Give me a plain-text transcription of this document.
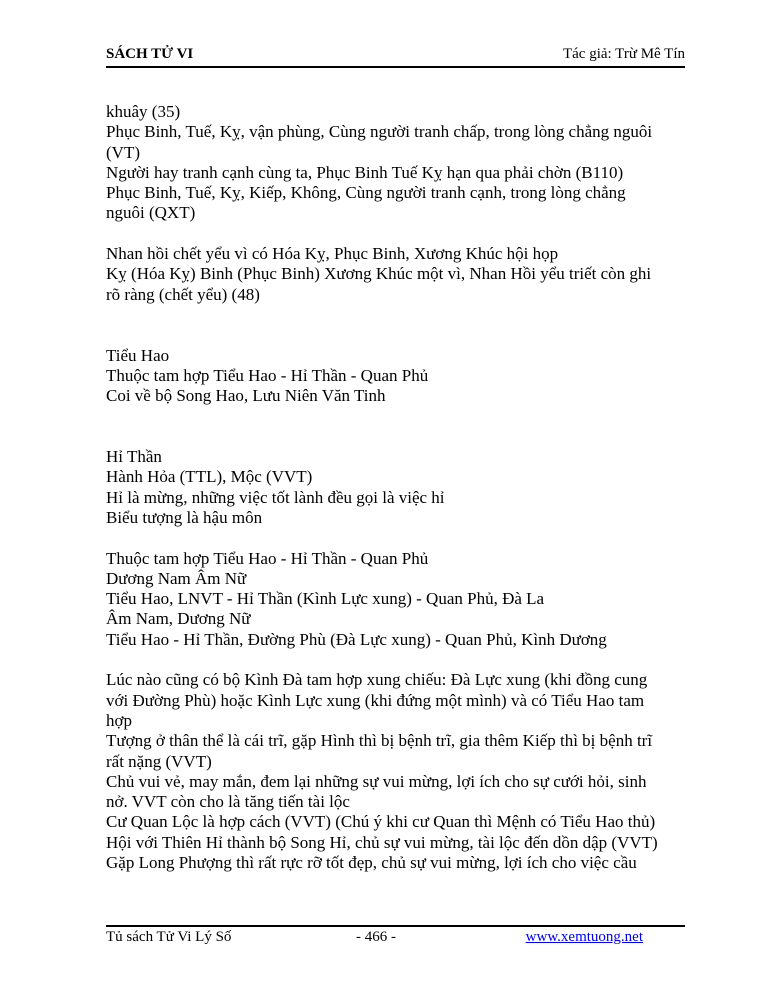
SÁCH TỬ VI	Tác giả: Trừ Mê Tín
khuây (35)
Phục Binh, Tuế, Kỵ, vận phùng, Cùng người tranh chấp, trong lòng chẳng nguôi
(VT)
Người hay tranh cạnh cùng ta, Phục Binh Tuế Kỵ hạn qua phải chờn (B110)
Phục Binh, Tuế, Kỵ, Kiếp, Không, Cùng người tranh cạnh, trong lòng chẳng
nguôi (QXT)
Nhan hồi chết yểu vì có Hóa Kỵ, Phục Binh, Xương Khúc hội họp
Kỵ (Hóa Kỵ) Binh (Phục Binh) Xương Khúc một vì, Nhan Hồi yểu triết còn ghi
rõ ràng (chết yểu) (48)
Tiểu Hao
Thuộc tam hợp Tiểu Hao - Hỉ Thần - Quan Phủ
Coi về bộ Song Hao, Lưu Niên Văn Tinh
Hỉ Thần
Hành Hỏa (TTL), Mộc (VVT)
Hỉ là mừng, những việc tốt lành đều gọi là việc hỉ
Biểu tượng là hậu môn
Thuộc tam hợp Tiểu Hao - Hỉ Thần - Quan Phủ
Dương Nam Âm Nữ
Tiểu Hao, LNVT - Hỉ Thần (Kình Lực xung) - Quan Phủ, Đà La
Âm Nam, Dương Nữ
Tiểu Hao - Hỉ Thần, Đường Phù (Đà Lực xung) - Quan Phủ, Kình Dương
Lúc nào cũng có bộ Kình Đà tam hợp xung chiếu: Đà Lực xung (khi đồng cung
với Đường Phù) hoặc Kình Lực xung (khi đứng một mình) và có Tiểu Hao tam
hợp
Tượng ở thân thể là cái trĩ, gặp Hình thì bị bệnh trĩ, gia thêm Kiếp thì bị bệnh trĩ
rất nặng (VVT)
Chủ vui vẻ, may mắn, đem lại những sự vui mừng, lợi ích cho sự cưới hỏi, sinh
nở. VVT còn cho là tăng tiến tài lộc
Cư Quan Lộc là hợp cách (VVT) (Chú ý khi cư Quan thì Mệnh có Tiểu Hao thủ)
Hội với Thiên Hỉ thành bộ Song Hỉ, chủ sự vui mừng, tài lộc đến dồn dập (VVT)
Gặp Long Phượng thì rất rực rỡ tốt đẹp, chủ sự vui mừng, lợi ích cho việc cầu
Tủ sách Tử Vi Lý Số	- 466 -	www.xemtuong.net
